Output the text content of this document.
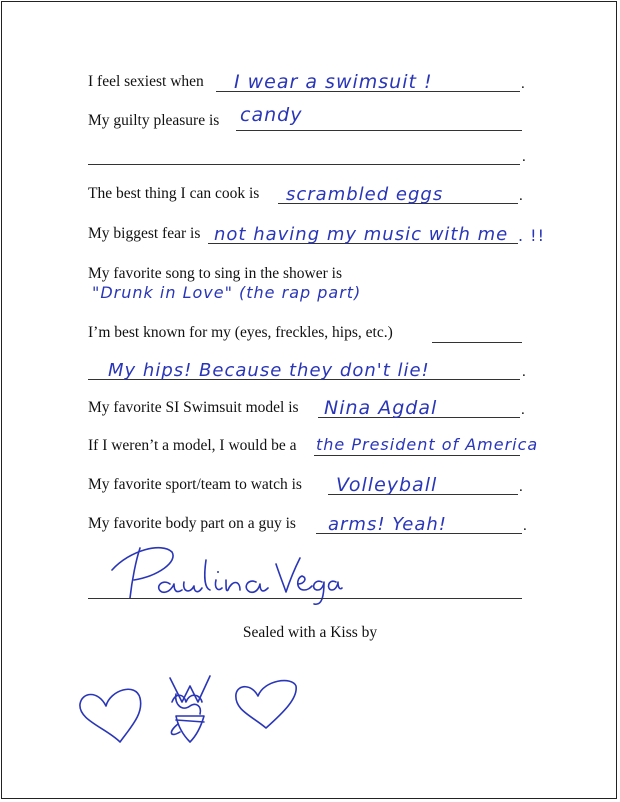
I feel sexiest when I wear a swimsuit !	.
My guilty pleasure is candy
.
The best thing I can cook is scrambled eggs	.
My biggest fear is not having my music with me . !!
My favorite song to sing in the shower is
"Drunk in Love" (the rap part)
I’m best known for my (eyes, freckles, hips, etc.)
My hips! Because they don't lie!	.
My favorite SI Swimsuit model is Nina Agdal	.
If I weren’t a model, I would be a the President of America
My favorite sport/team to watch is Volleyball	.
My favorite body part on a guy is arms! Yeah!	.
Sealed with a Kiss by
